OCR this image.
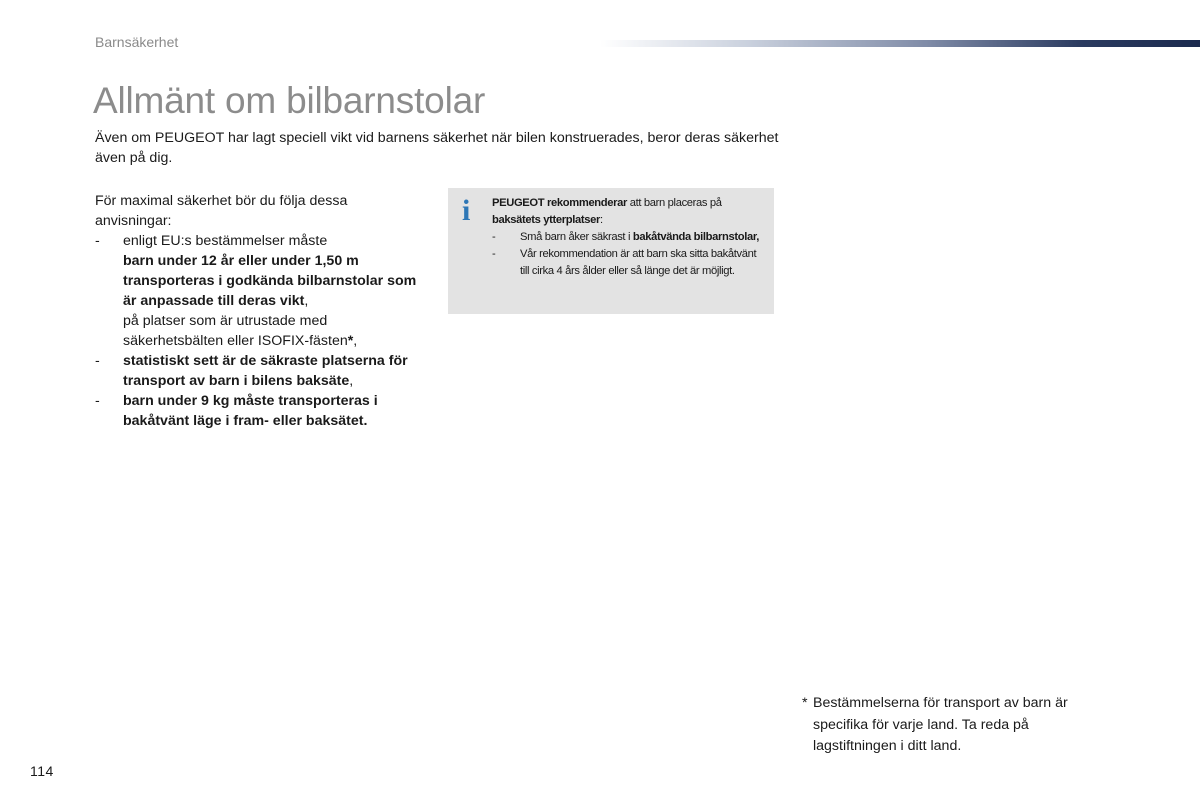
Barnsäkerhet
Allmänt om bilbarnstolar

Även om PEUGEOT har lagt speciell vikt vid barnens säkerhet när bilen konstruerades, beror deras säkerhet även på dig.

För maximal säkerhet bör du följa dessa anvisningar:

- enligt EU:s bestämmelser måste
barn under 12 år eller under 1,50 m transporteras i godkända bilbarnstolar som är anpassade till deras vikt,
på platser som är utrustade med säkerhetsbälten eller ISOFIX-fästen*,
- statistiskt sett är de säkraste platserna för transport av barn i bilens baksäte,
- barn under 9 kg måste transporteras i bakåtvänt läge i fram- eller baksätet.
i PEUGEOT rekommenderar att barn placeras på baksätets ytterplatser:

- Små barn åker säkrast i bakåtvända bilbarnstolar,
- Vår rekommendation är att barn ska sitta bakåtvänt till cirka 4 års ålder eller så länge det är möjligt.
* Bestämmelserna för transport av barn är specifika för varje land. Ta reda på lagstiftningen i ditt land.
114
